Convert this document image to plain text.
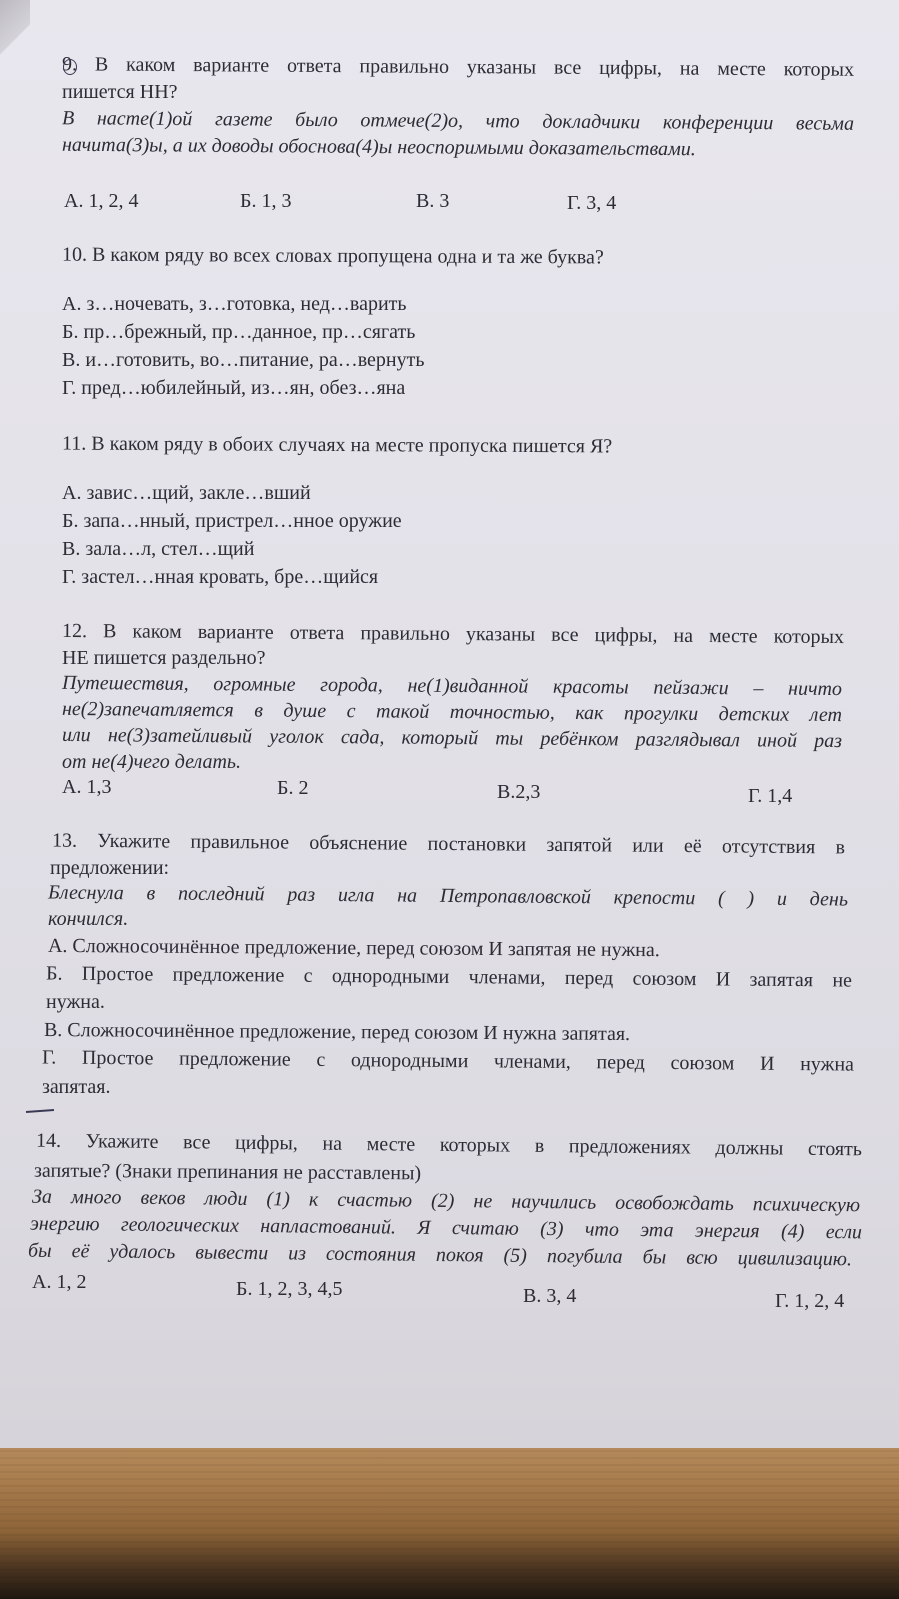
9. В каком варианте ответа правильно указаны все цифры, на месте которых
пишется НН?
В насте(1)ой газете было отмече(2)о, что докладчики конференции весьма
начита(3)ы, а их доводы обоснова(4)ы неоспоримыми доказательствами.
А. 1, 2, 4	Б. 1, 3	В. 3	Г. 3, 4
10. В каком ряду во всех словах пропущена одна и та же буква?
А. з…ночевать, з…готовка, нед…варить
Б. пр…брежный, пр…данное, пр…сягать
В. и…готовить, во…питание, ра…вернуть
Г. пред…юбилейный, из…ян, обез…яна
11. В каком ряду в обоих случаях на месте пропуска пишется Я?
А. завис…щий, закле…вший
Б. запа…нный, пристрел…нное оружие
В. зала…л, стел…щий
Г. застел…нная кровать, бре…щийся
12. В каком варианте ответа правильно указаны все цифры, на месте которых
НЕ пишется раздельно?
Путешествия, огромные города, не(1)виданной красоты пейзажи – ничто
не(2)запечатляется в душе с такой точностью, как прогулки детских лет
или не(3)затейливый уголок сада, который ты ребёнком разглядывал иной раз
от не(4)чего делать.
А. 1,3	Б. 2	В.2,3	Г. 1,4
13. Укажите правильное объяснение постановки запятой или её отсутствия в
предложении:
Блеснула в последний раз игла на Петропавловской крепости ( ) и день
кончился.
А. Сложносочинённое предложение, перед союзом И запятая не нужна.
Б. Простое предложение с однородными членами, перед союзом И запятая не
нужна.
В. Сложносочинённое предложение, перед союзом И нужна запятая.
Г. Простое предложение с однородными членами, перед союзом И нужна
запятая.
14. Укажите все цифры, на месте которых в предложениях должны стоять
запятые? (Знаки препинания не расставлены)
За много веков люди (1) к счастью (2) не научились освобождать психическую
энергию геологических напластований. Я считаю (3) что эта энергия (4) если
бы её удалось вывести из состояния покоя (5) погубила бы всю цивилизацию.
А. 1, 2	Б. 1, 2, 3, 4,5	В. 3, 4	Г. 1, 2, 4
